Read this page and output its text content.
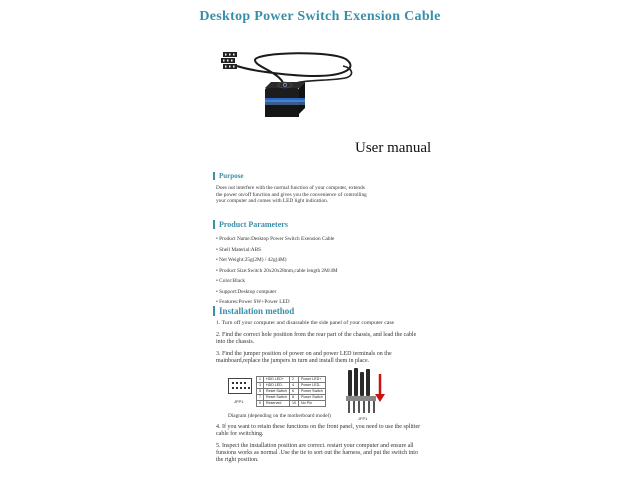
Desktop Power Switch Exension Cable
User manual
Purpose
Does not interfere with the normal function of your computer, extends
the power on/off function and gives you the convenience of controlling
your computer and comes with LED light indication.
Product Parameters
• Product Name:Desktop Power Switch Exension Cable
• Shell Material:ABS
• Net Weight:25g(2M) / 42g(4M)
• Product Size:Switch 20x20x28mm,cable length 2M/4M
• Color:Black
• Support:Desktop computer
• Features:Power SW+Power LED
Installation method
1. Turn off your computer and disassable the side panel of your computer case
2. Find the correct hole position from the rear part of the chassis, and lead the cable into the chassis.
3. Find the jumper position of power on and power LED terminals on the mainboard,replace the jumpers in turn and install them in place.
JFP1
1	HDD LED+	2	Power LED+
3	HDD LED-	4	Power LED-
5	Reset Switch	6	Power Switch
7	Reset Switch	8	Power Switch
9	Reserved	10	No Pin
JFP1
Diagram (depending on the motherboard model)
4. If you want to retain these functions on the front panel, you need to use the splitter cable for switching.
5. Inspect the installation position are correct. restart your computer and ensure all funsions works as normal .Use the tie to sort out the harness, and put the switch into the right position.
